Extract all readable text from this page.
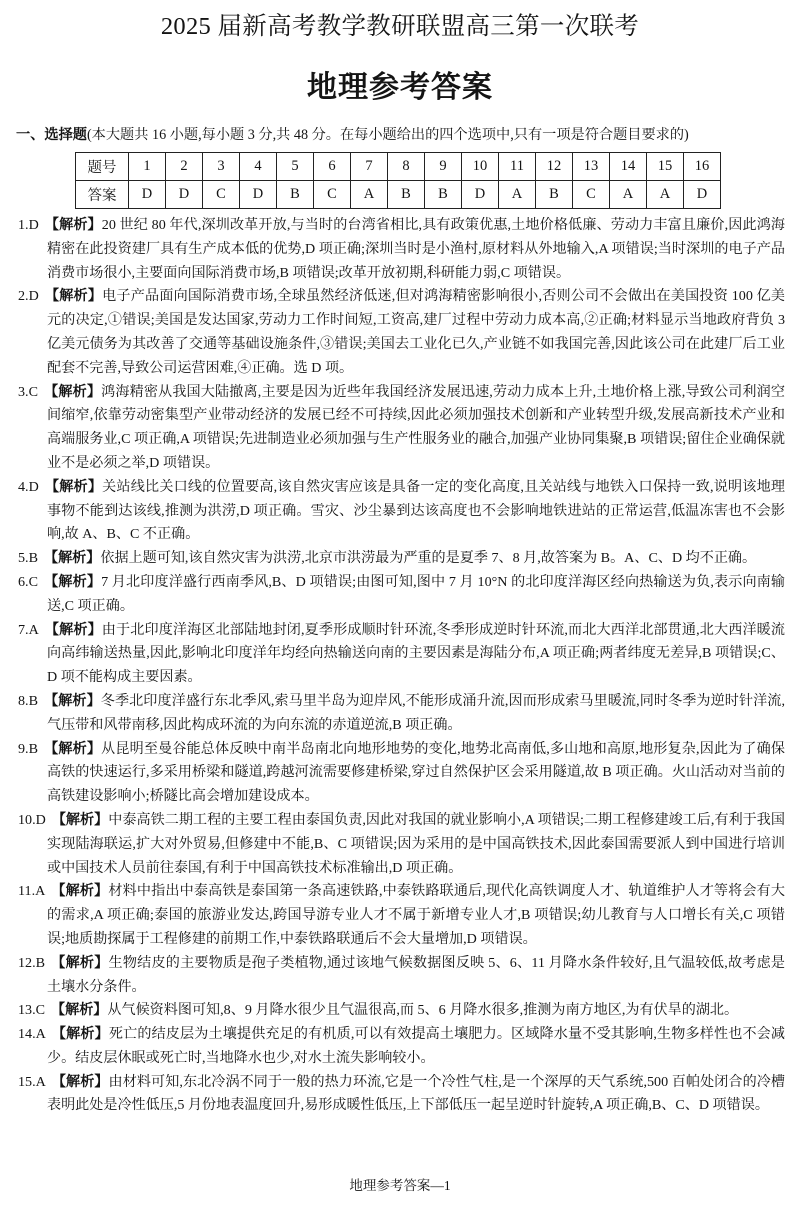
2025 届新高考教学教研联盟高三第一次联考
地理参考答案
一、选择题(本大题共 16 小题,每小题 3 分,共 48 分。在每小题给出的四个选项中,只有一项是符合题目要求的)
题号	1	2	3	4	5	6	7	8	9	10	11	12	13	14	15	16
答案	D	D	C	D	B	C	A	B	B	D	A	B	C	A	A	D

1.D 【解析】20 世纪 80 年代,深圳改革开放,与当时的台湾省相比,具有政策优惠,土地价格低廉、劳动力丰富且廉价,因此鸿海精密在此投资建厂具有生产成本低的优势,D 项正确;深圳当时是小渔村,原材料从外地输入,A 项错误;当时深圳的电子产品消费市场很小,主要面向国际消费市场,B 项错误;改革开放初期,科研能力弱,C 项错误。

2.D 【解析】电子产品面向国际消费市场,全球虽然经济低迷,但对鸿海精密影响很小,否则公司不会做出在美国投资 100 亿美元的决定,①错误;美国是发达国家,劳动力工作时间短,工资高,建厂过程中劳动力成本高,②正确;材料显示当地政府背负 3 亿美元债务为其改善了交通等基础设施条件,③错误;美国去工业化已久,产业链不如我国完善,因此该公司在此建厂后工业配套不完善,导致公司运营困难,④正确。选 D 项。

3.C 【解析】鸿海精密从我国大陆撤离,主要是因为近些年我国经济发展迅速,劳动力成本上升,土地价格上涨,导致公司利润空间缩窄,依靠劳动密集型产业带动经济的发展已经不可持续,因此必须加强技术创新和产业转型升级,发展高新技术产业和高端服务业,C 项正确,A 项错误;先进制造业必须加强与生产性服务业的融合,加强产业协同集聚,B 项错误;留住企业确保就业不是必须之举,D 项错误。

4.D 【解析】关站线比关口线的位置要高,该自然灾害应该是具备一定的变化高度,且关站线与地铁入口保持一致,说明该地理事物不能到达该线,推测为洪涝,D 项正确。雪灾、沙尘暴到达该高度也不会影响地铁进站的正常运营,低温冻害也不会影响,故 A、B、C 不正确。

5.B 【解析】依据上题可知,该自然灾害为洪涝,北京市洪涝最为严重的是夏季 7、8 月,故答案为 B。A、C、D 均不正确。

6.C 【解析】7 月北印度洋盛行西南季风,B、D 项错误;由图可知,图中 7 月 10°N 的北印度洋海区经向热输送为负,表示向南输送,C 项正确。

7.A 【解析】由于北印度洋海区北部陆地封闭,夏季形成顺时针环流,冬季形成逆时针环流,而北大西洋北部贯通,北大西洋暖流向高纬输送热量,因此,影响北印度洋年均经向热输送向南的主要因素是海陆分布,A 项正确;两者纬度无差异,B 项错误;C、D 项不能构成主要因素。

8.B 【解析】冬季北印度洋盛行东北季风,索马里半岛为迎岸风,不能形成涌升流,因而形成索马里暖流,同时冬季为逆时针洋流,气压带和风带南移,因此构成环流的为向东流的赤道逆流,B 项正确。

9.B 【解析】从昆明至曼谷能总体反映中南半岛南北向地形地势的变化,地势北高南低,多山地和高原,地形复杂,因此为了确保高铁的快速运行,多采用桥梁和隧道,跨越河流需要修建桥梁,穿过自然保护区会采用隧道,故 B 项正确。火山活动对当前的高铁建设影响小;桥隧比高会增加建设成本。

10.D 【解析】中泰高铁二期工程的主要工程由泰国负责,因此对我国的就业影响小,A 项错误;二期工程修建竣工后,有利于我国实现陆海联运,扩大对外贸易,但修建中不能,B、C 项错误;因为采用的是中国高铁技术,因此泰国需要派人到中国进行培训或中国技术人员前往泰国,有利于中国高铁技术标准输出,D 项正确。

11.A 【解析】材料中指出中泰高铁是泰国第一条高速铁路,中泰铁路联通后,现代化高铁调度人才、轨道维护人才等将会有大的需求,A 项正确;泰国的旅游业发达,跨国导游专业人才不属于新增专业人才,B 项错误;幼儿教育与人口增长有关,C 项错误;地质勘探属于工程修建的前期工作,中泰铁路联通后不会大量增加,D 项错误。

12.B 【解析】生物结皮的主要物质是孢子类植物,通过该地气候数据图反映 5、6、11 月降水条件较好,且气温较低,故考虑是土壤水分条件。

13.C 【解析】从气候资料图可知,8、9 月降水很少且气温很高,而 5、6 月降水很多,推测为南方地区,为有伏旱的湖北。

14.A 【解析】死亡的结皮层为土壤提供充足的有机质,可以有效提高土壤肥力。区域降水量不受其影响,生物多样性也不会减少。结皮层休眠或死亡时,当地降水也少,对水土流失影响较小。

15.A 【解析】由材料可知,东北冷涡不同于一般的热力环流,它是一个冷性气柱,是一个深厚的天气系统,500 百帕处闭合的冷槽表明此处是冷性低压,5 月份地表温度回升,易形成暖性低压,上下部低压一起呈逆时针旋转,A 项正确,B、C、D 项错误。

地理参考答案—1
